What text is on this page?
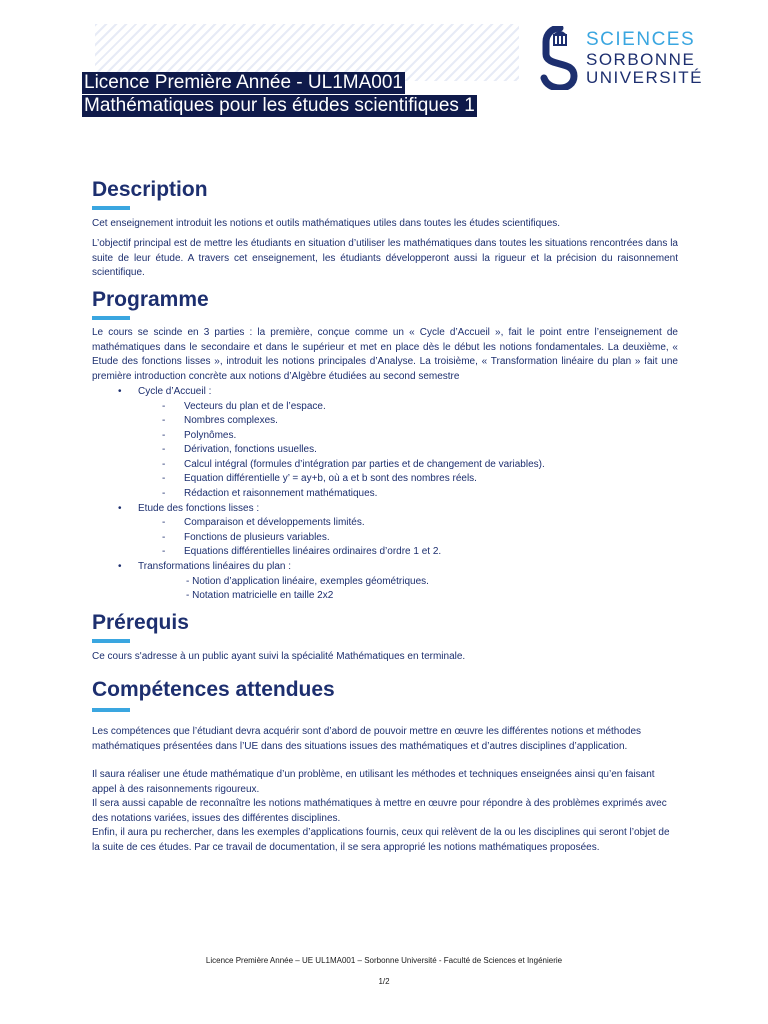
Licence Première Année - UL1MA001
Mathématiques pour les études scientifiques 1
SCIENCES
SORBONNE
UNIVERSITÉ
Description

Cet enseignement introduit les notions et outils mathématiques utiles dans toutes les études scientifiques.

L’objectif principal est de mettre les étudiants en situation d’utiliser les mathématiques dans toutes les situations rencontrées dans la suite de leur étude. A travers cet enseignement, les étudiants développeront aussi la rigueur et la précision du raisonnement scientifique.

Programme

Le cours se scinde en 3 parties : la première, conçue comme un « Cycle d’Accueil », fait le point entre l’enseignement de mathématiques dans le secondaire et dans le supérieur et met en place dès le début les notions fondamentales. La deuxième, « Etude des fonctions lisses », introduit les notions principales d’Analyse. La troisième, « Transformation linéaire du plan » fait une première introduction concrète aux notions d’Algèbre étudiées au second semestre

• Cycle d’Accueil :
- Vecteurs du plan et de l’espace.
- Nombres complexes.
- Polynômes.
- Dérivation, fonctions usuelles.
- Calcul intégral (formules d’intégration par parties et de changement de variables).
- Equation différentielle y’ = ay+b, où a et b sont des nombres réels.
- Rédaction et raisonnement mathématiques.
• Etude des fonctions lisses :
- Comparaison et développements limités.
- Fonctions de plusieurs variables.
- Equations différentielles linéaires ordinaires d’ordre 1 et 2.
• Transformations linéaires du plan :
- Notion d’application linéaire, exemples géométriques.
- Notation matricielle en taille 2x2
Prérequis

Ce cours s'adresse à un public ayant suivi la spécialité Mathématiques en terminale.

Compétences attendues

Les compétences que l’étudiant devra acquérir sont d’abord de pouvoir mettre en œuvre les différentes notions et méthodes mathématiques présentées dans l’UE dans des situations issues des mathématiques et d’autres disciplines d’application.

Il saura réaliser une étude mathématique d’un problème, en utilisant les méthodes et techniques enseignées ainsi qu’en faisant appel à des raisonnements rigoureux.

Il sera aussi capable de reconnaître les notions mathématiques à mettre en œuvre pour répondre à des problèmes exprimés avec des notations variées, issues des différentes disciplines.

Enfin, il aura pu rechercher, dans les exemples d’applications fournis, ceux qui relèvent de la ou les disciplines qui seront l’objet de la suite de ces études. Par ce travail de documentation, il se sera approprié les notions mathématiques proposées.

Licence Première Année – UE UL1MA001 – Sorbonne Université - Faculté de Sciences et Ingénierie
1/2
